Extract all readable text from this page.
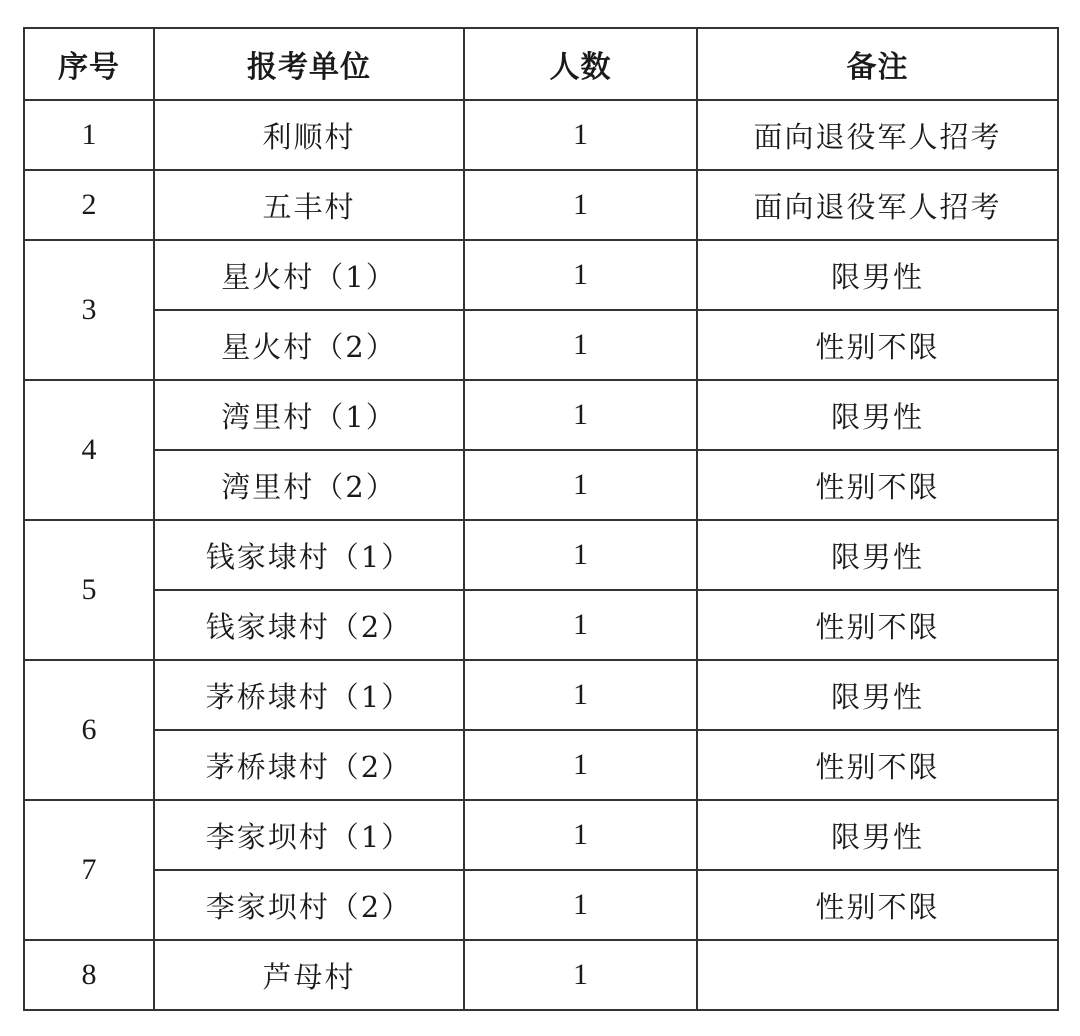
序号	报考单位	人数	备注
1	利顺村	1	面向退役军人招考
2	五丰村	1	面向退役军人招考
3	星火村（1）	1	限男性
	星火村（2）	1	性别不限
4	湾里村（1）	1	限男性
	湾里村（2）	1	性别不限
5	钱家埭村（1）	1	限男性
	钱家埭村（2）	1	性别不限
6	茅桥埭村（1）	1	限男性
	茅桥埭村（2）	1	性别不限
7	李家坝村（1）	1	限男性
	李家坝村（2）	1	性别不限
8	芦母村	1	
